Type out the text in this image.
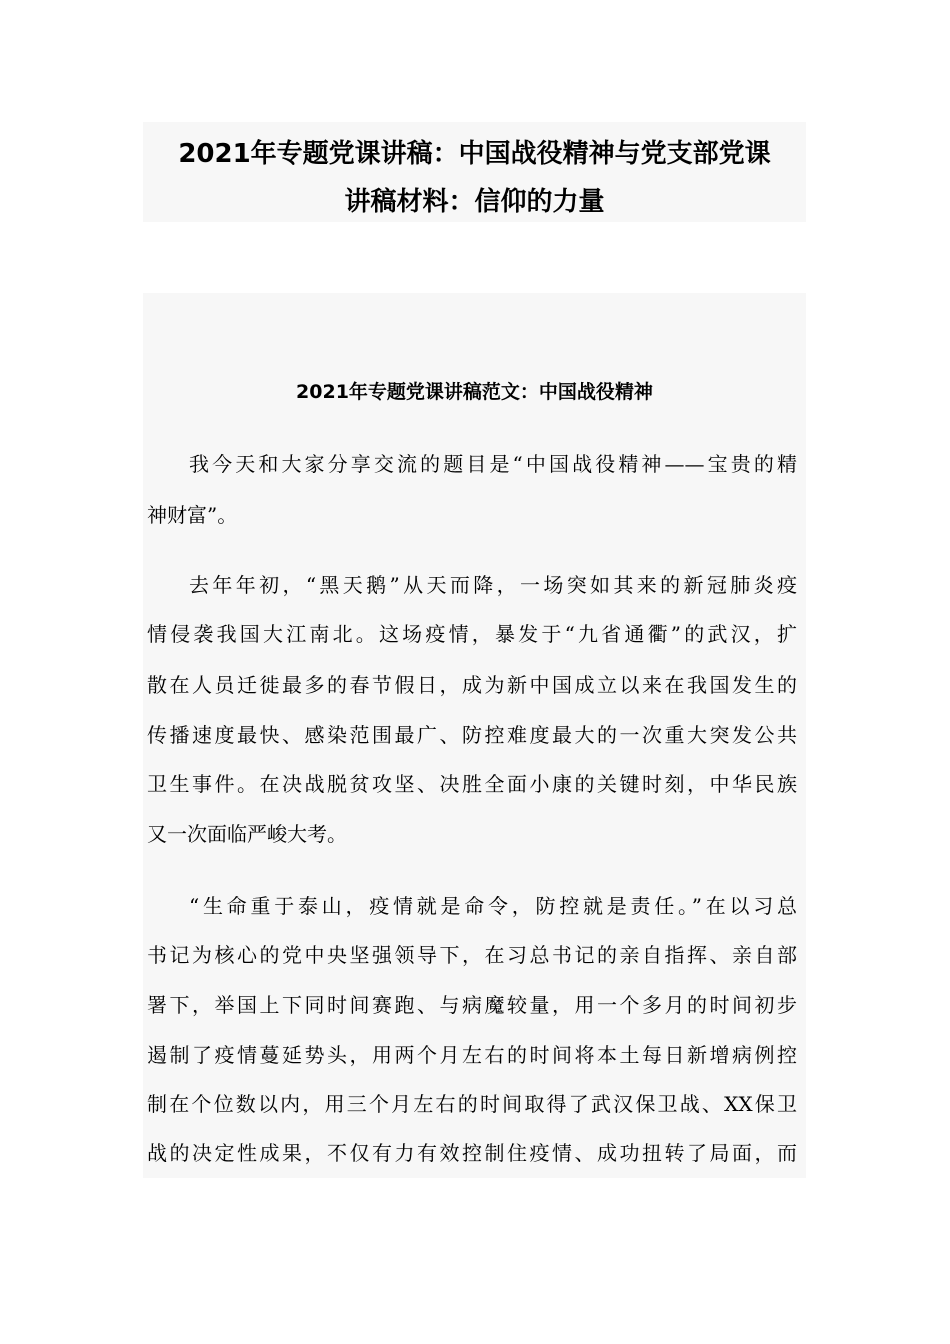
2021年专题党课讲稿：中国战役精神与党支部党课
讲稿材料：信仰的力量
2021年专题党课讲稿范文：中国战役精神
我今天和大家分享交流的题目是“中国战役精神——宝贵的精
神财富”。
去年年初，“黑天鹅”从天而降，一场突如其来的新冠肺炎疫
情侵袭我国大江南北。这场疫情，暴发于“九省通衢”的武汉，扩
散在人员迁徙最多的春节假日，成为新中国成立以来在我国发生的
传播速度最快、感染范围最广、防控难度最大的一次重大突发公共
卫生事件。在决战脱贫攻坚、决胜全面小康的关键时刻，中华民族
又一次面临严峻大考。
“生命重于泰山，疫情就是命令，防控就是责任。”在以习总
书记为核心的党中央坚强领导下，在习总书记的亲自指挥、亲自部
署下，举国上下同时间赛跑、与病魔较量，用一个多月的时间初步
遏制了疫情蔓延势头，用两个月左右的时间将本土每日新增病例控
制在个位数以内，用三个月左右的时间取得了武汉保卫战、XX保卫
战的决定性成果，不仅有力有效控制住疫情、成功扭转了局面，而
